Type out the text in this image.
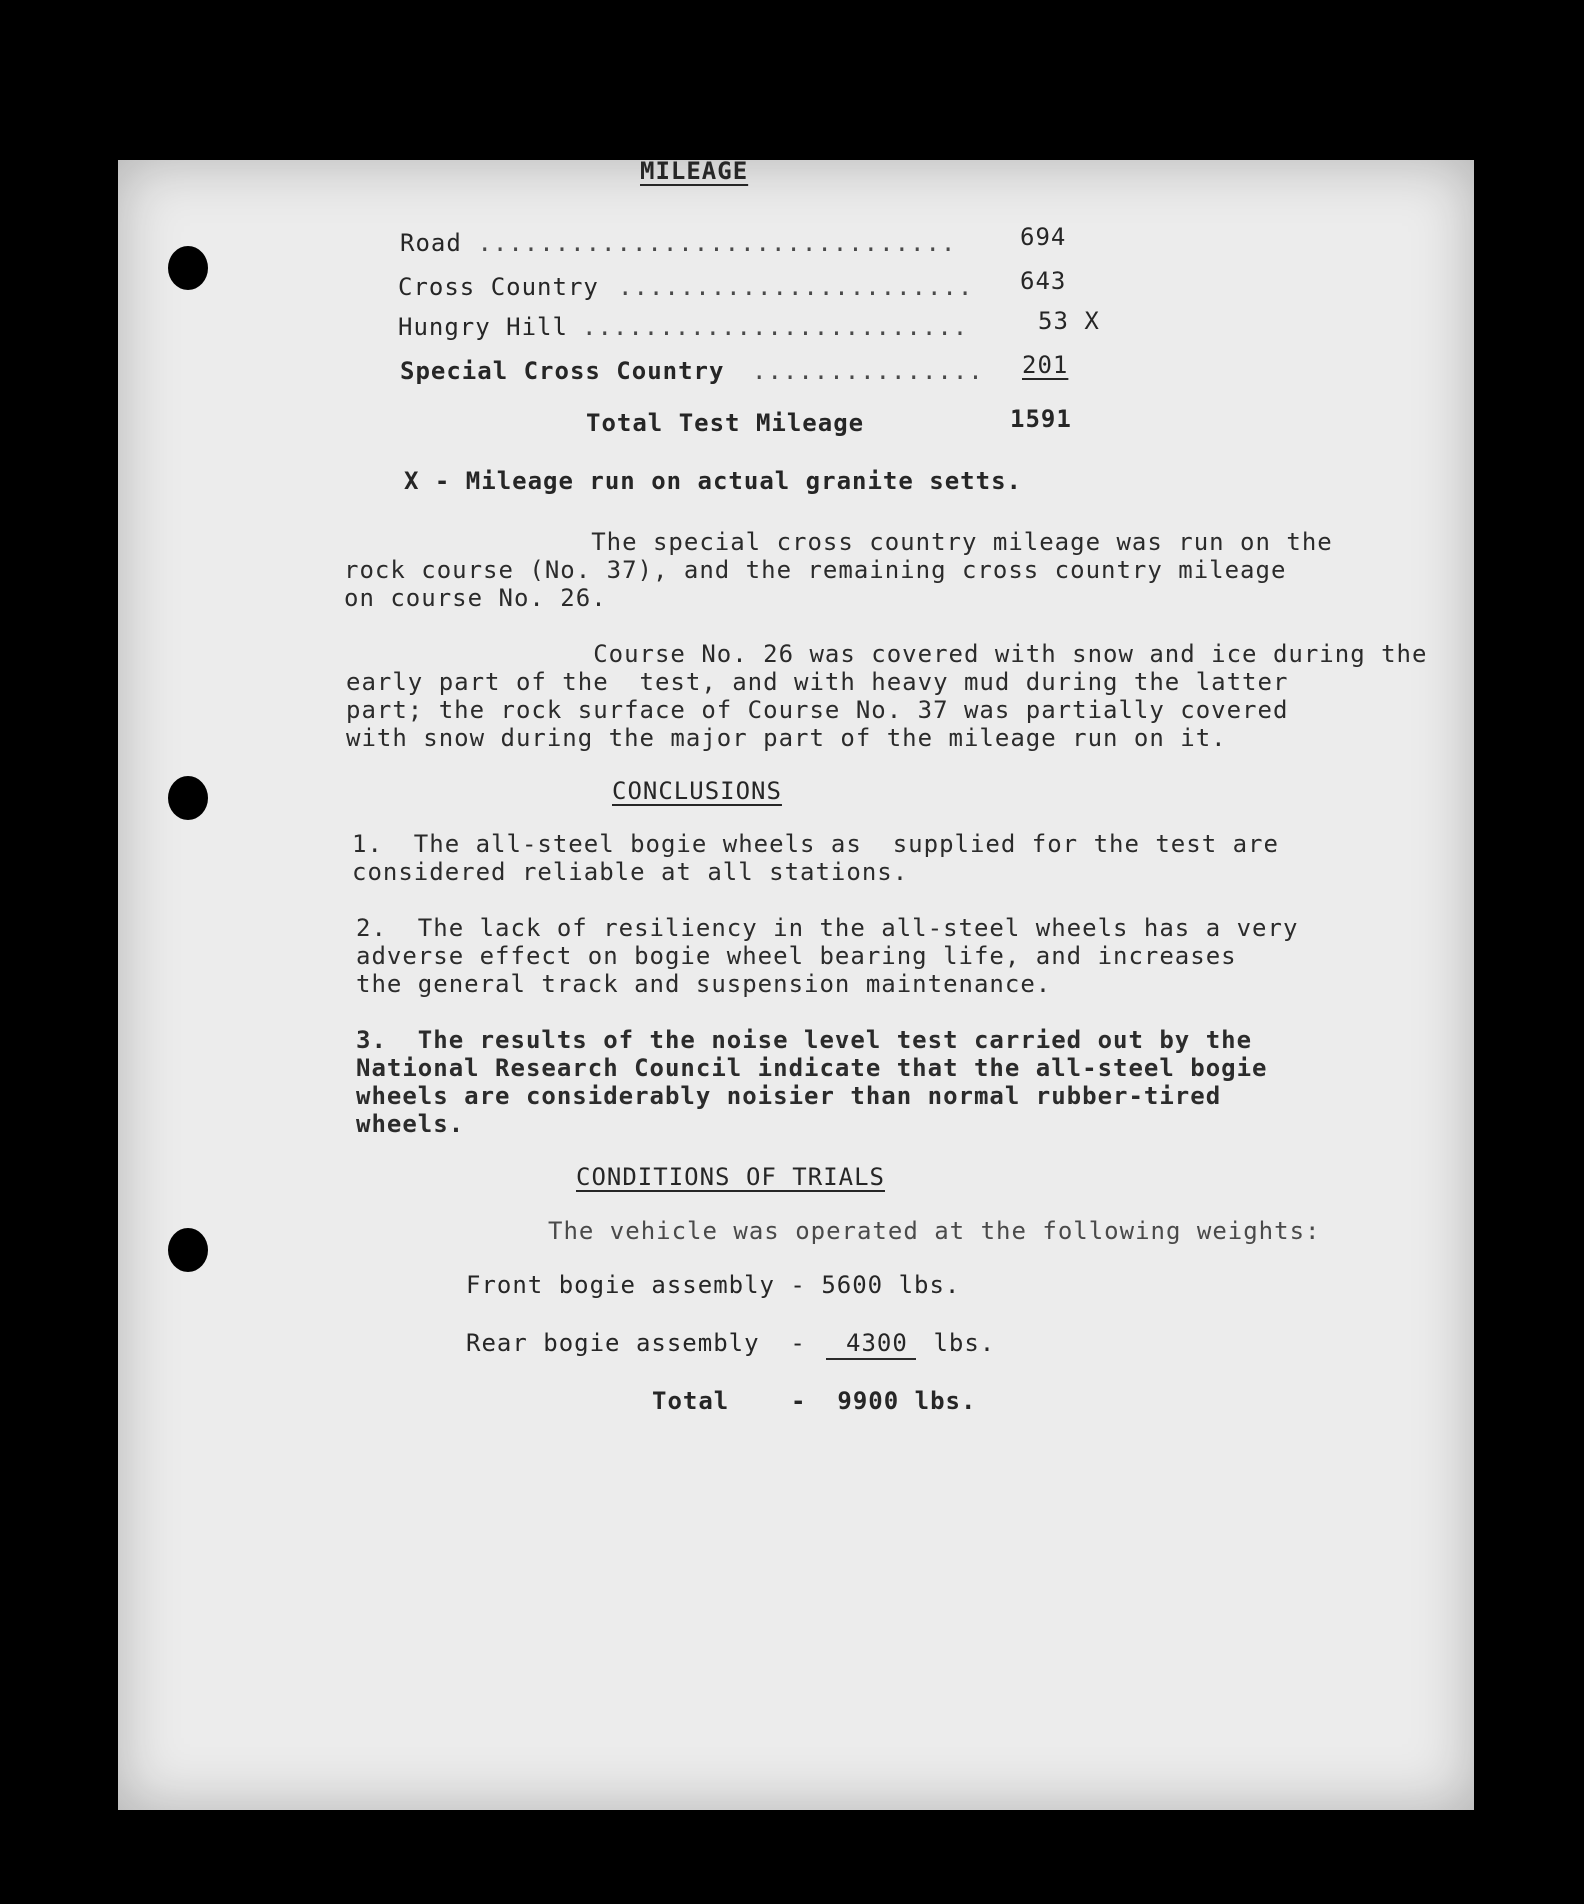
MILEAGE
Road ...............................	694
Cross Country ....................... 643
Hungry Hill .........................	53 X
Special Cross Country ............... 201
Total Test Mileage	1591
X - Mileage run on actual granite setts.
The special cross country mileage was run on the
rock course (No. 37), and the remaining cross country mileage
on course No. 26.
Course No. 26 was covered with snow and ice during the
early part of the  test, and with heavy mud during the latter
part; the rock surface of Course No. 37 was partially covered
with snow during the major part of the mileage run on it.
CONCLUSIONS
1.  The all-steel bogie wheels as  supplied for the test are
considered reliable at all stations.
2.  The lack of resiliency in the all-steel wheels has a very
adverse effect on bogie wheel bearing life, and increases
the general track and suspension maintenance.
3.  The results of the noise level test carried out by the
National Research Council indicate that the all-steel bogie
wheels are considerably noisier than normal rubber-tired
wheels.
CONDITIONS OF TRIALS
The vehicle was operated at the following weights:
Front bogie assembly - 5600 lbs.
Rear bogie assembly  - 4300 lbs.
Total    -  9900 lbs.
